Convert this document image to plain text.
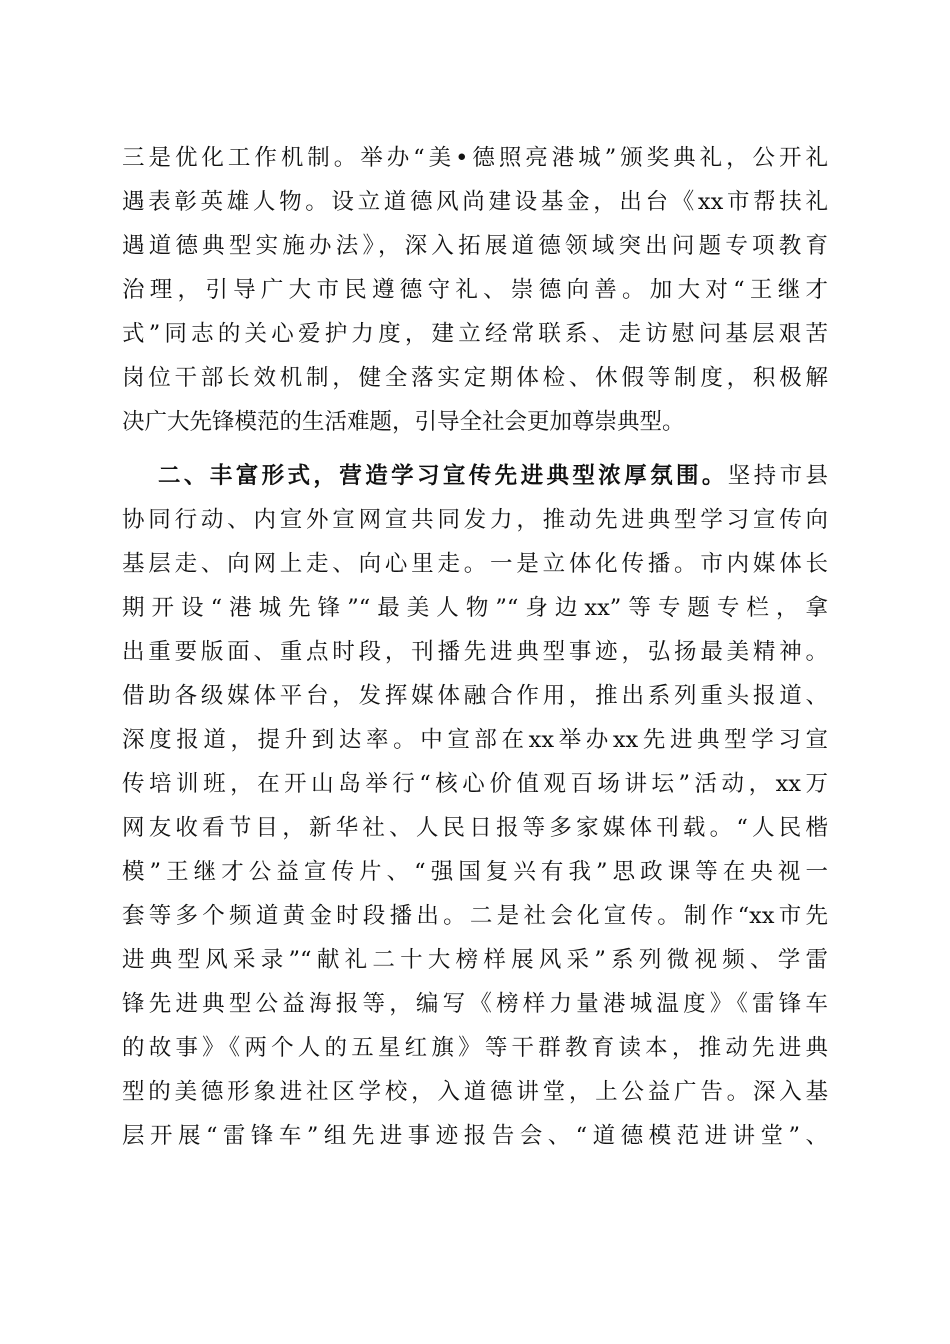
三是优化工作机制。举办“美•德照亮港城”颁奖典礼，公开礼

遇表彰英雄人物。设立道德风尚建设基金，出台《xx市帮扶礼

遇道德典型实施办法》，深入拓展道德领域突出问题专项教育

治理，引导广大市民遵德守礼、崇德向善。加大对“王继才

式”同志的关心爱护力度，建立经常联系、走访慰问基层艰苦

岗位干部长效机制，健全落实定期体检、休假等制度，积极解

决广大先锋模范的生活难题，引导全社会更加尊崇典型。

二、丰富形式，营造学习宣传先进典型浓厚氛围。坚持市县

协同行动、内宣外宣网宣共同发力，推动先进典型学习宣传向

基层走、向网上走、向心里走。一是立体化传播。市内媒体长

期开设“港城先锋”“最美人物”“身边xx”等专题专栏，拿

出重要版面、重点时段，刊播先进典型事迹，弘扬最美精神。

借助各级媒体平台，发挥媒体融合作用，推出系列重头报道、

深度报道，提升到达率。中宣部在xx举办xx先进典型学习宣

传培训班，在开山岛举行“核心价值观百场讲坛”活动，xx万

网友收看节目，新华社、人民日报等多家媒体刊载。“人民楷

模”王继才公益宣传片、“强国复兴有我”思政课等在央视一

套等多个频道黄金时段播出。二是社会化宣传。制作“xx市先

进典型风采录”“献礼二十大榜样展风采”系列微视频、学雷

锋先进典型公益海报等，编写《榜样力量港城温度》《雷锋车

的故事》《两个人的五星红旗》等干群教育读本，推动先进典

型的美德形象进社区学校，入道德讲堂，上公益广告。深入基

层开展“雷锋车”组先进事迹报告会、“道德模范进讲堂”、
